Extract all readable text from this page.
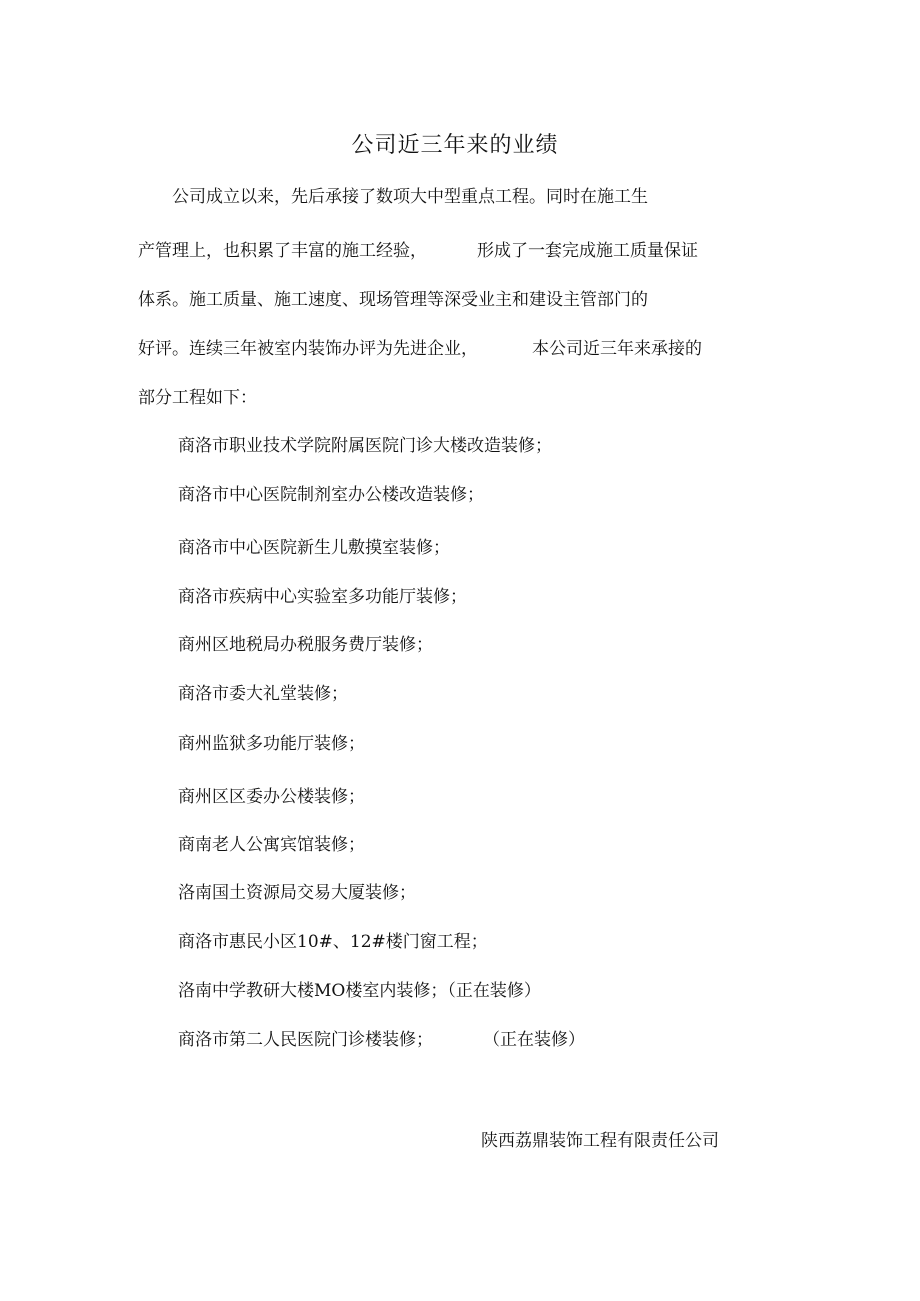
公司近三年来的业绩
公司成立以来，先后承接了数项大中型重点工程。同时在施工生
产管理上，也积累了丰富的施工经验，	形成了一套完成施工质量保证
体系。施工质量、施工速度、现场管理等深受业主和建设主管部门的
好评。连续三年被室内装饰办评为先进企业，	本公司近三年来承接的
部分工程如下：
商洛市职业技术学院附属医院门诊大楼改造装修；
商洛市中心医院制剂室办公楼改造装修；
商洛市中心医院新生儿敷摸室装修；
商洛市疾病中心实验室多功能厅装修；
商州区地税局办税服务费厅装修；
商洛市委大礼堂装修；
商州监狱多功能厅装修；
商州区区委办公楼装修；
商南老人公寓宾馆装修；
洛南国土资源局交易大厦装修；
商洛市惠民小区10#、12#楼门窗工程；
洛南中学教研大楼MO楼室内装修；（正在装修）
商洛市第二人民医院门诊楼装修；	（正在装修）
陕西荔鼎装饰工程有限责任公司
